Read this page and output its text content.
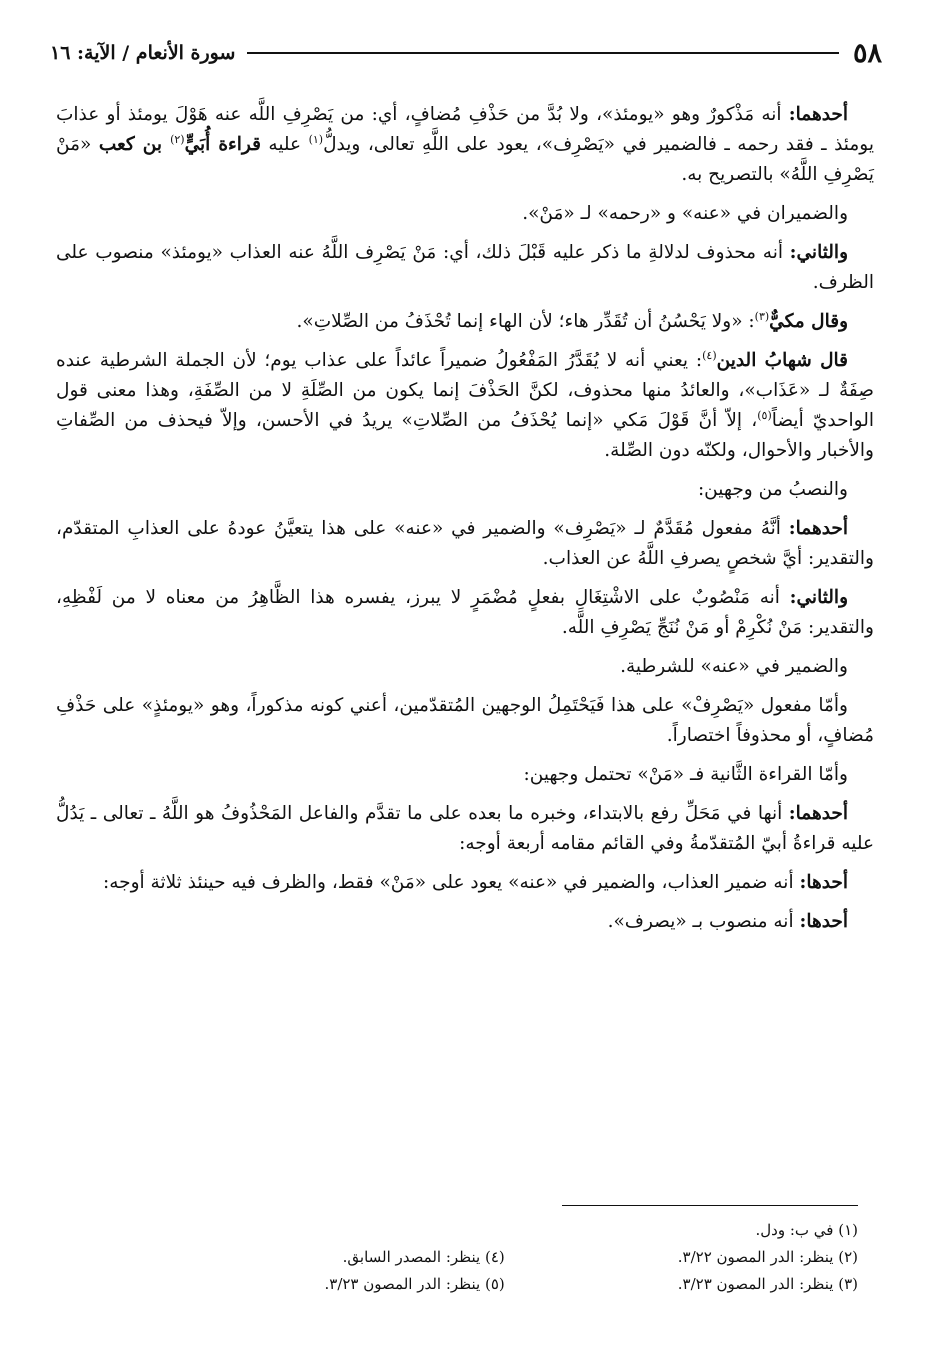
٥٨
سورة الأنعام / الآية: ١٦

أحدهما: أنه مَذْكورٌ وهو «يومئذ»، ولا بُدَّ من حَذْفِ مُضافٍ، أي: من يَصْرِفِ اللَّه عنه هَوْلَ يومئذ أو عذابَ يومئذ ـ فقد رحمه ـ فالضمير في «يَصْرِف»، يعود على اللَّهِ تعالى، ويدلُّ$^{(١)}$ عليه قراءة أُبَيٍّ$^{(٢)}$ بن كعب «مَنْ يَصْرِفِ اللَّهُ» بالتصريح به.

والضميران في «عنه» و «رحمه» لـ «مَنْ».

والثاني: أنه محذوف لدلالةِ ما ذكر عليه قَبْلَ ذلك، أي: مَنْ يَصْرِف اللَّهُ عنه العذاب «يومئذ» منصوب على الظرف.

وقال مكيٌّ$^{(٣)}$: «ولا يَحْسُنُ أن تُقَدِّر هاء؛ لأن الهاء إنما تُحْذَفُ من الصِّلاتِ».

قال شهابُ الدين$^{(٤)}$: يعني أنه لا يُقَدَّرُ المَفْعُولُ ضميراً عائداً على عذاب يوم؛ لأن الجملة الشرطية عنده صِفَةٌ لـ «عَذَاب»، والعائدُ منها محذوف، لكنَّ الحَذْفَ إنما يكون من الصِّلَةِ لا من الصِّفَةِ، وهذا معنى قول الواحديّ أيضاً$^{(٥)}$، إلاّ أنَّ قَوْلَ مَكي «إنما يُحْذَفُ من الصِّلاتِ» يريدُ في الأحسن، وإلاّ فيحذف من الصِّفاتِ والأخبار والأحوال، ولكنّه دون الصِّلة.

والنصبُ من وجهين:

أحدهما: أنَّهُ مفعول مُقَدَّمٌ لـ «يَصْرِف» والضمير في «عنه» على هذا يتعيَّنُ عودهُ على العذابِ المتقدّم، والتقدير: أيَّ شخصٍ يصرفِ اللَّهُ عن العذاب.

والثاني: أنه مَنْصُوبٌ على الاشْتِغَالِ بفعلٍ مُضْمَرٍ لا يبرز، يفسره هذا الظَّاهِرُ من معناه لا من لَفْظِهِ، والتقدير: مَنْ نُكْرِمْ أو مَنْ نُنَجِّ يَصْرِفِ اللَّه.

والضمير في «عنه» للشرطية.

وأمّا مفعول «يَصْرِفْ» على هذا فَيَحْتَمِلُ الوجهين المُتقدّمين، أعني كونه مذكوراً، وهو «يومئذٍ» على حَذْفِ مُضافٍ، أو محذوفاً اختصاراً.

وأمّا القراءة الثَّانية فـ «مَنْ» تحتمل وجهين:

أحدهما: أنها في مَحَلِّ رفع بالابتداء، وخبره ما بعده على ما تقدَّم والفاعل المَحْذُوفُ هو اللَّهُ ـ تعالى ـ يَدُلُّ عليه قراءةُ أبيّ المُتقدّمةُ وفي القائم مقامه أربعة أوجه:

أحدها: أنه ضمير العذاب، والضمير في «عنه» يعود على «مَنْ» فقط، والظرف فيه حينئذ ثلاثة أوجه:

أحدها: أنه منصوب بـ «يصرف».

(١) في ب: ودل.
(٢) ينظر: الدر المصون ٣/٢٢.
(٤) ينظر: المصدر السابق.
(٣) ينظر: الدر المصون ٣/٢٣.
(٥) ينظر: الدر المصون ٣/٢٣.
